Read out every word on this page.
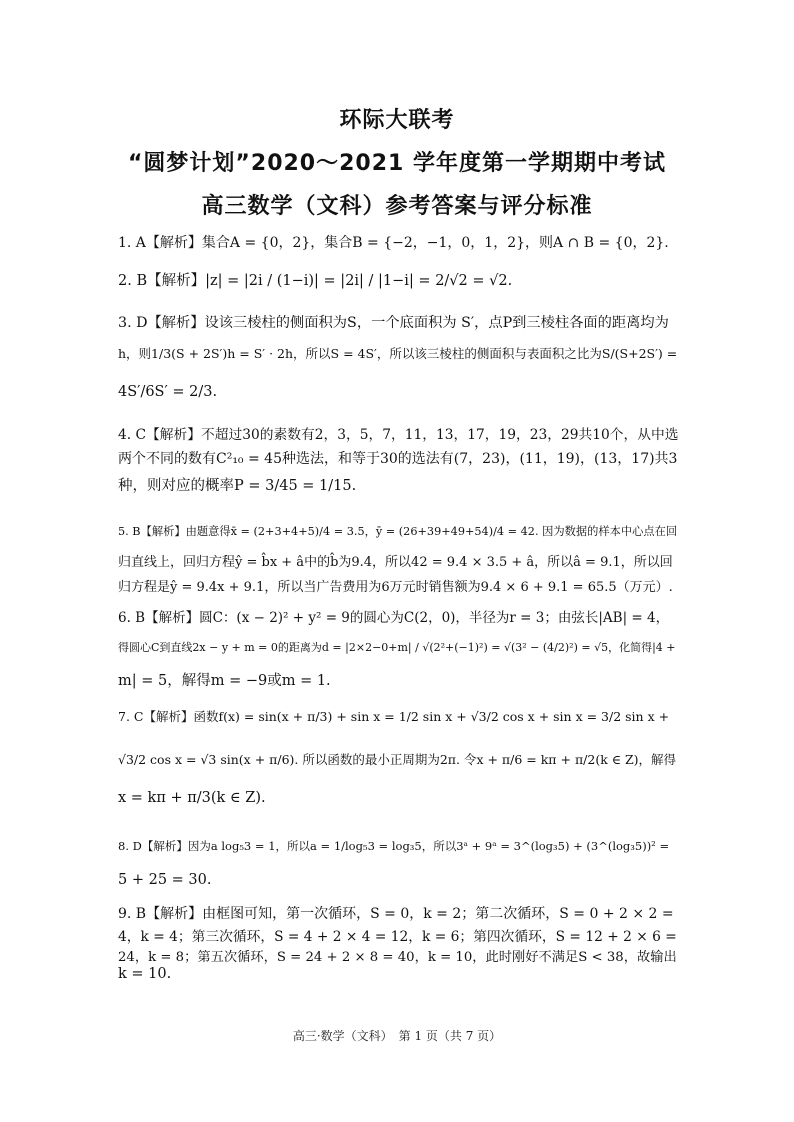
环际大联考
“圆梦计划”2020～2021 学年度第一学期期中考试
高三数学（文科）参考答案与评分标准
1. A【解析】集合A = {0，2}，集合B = {−2，−1，0，1，2}，则A ∩ B = {0，2}.
2. B【解析】|z| = |2i / (1−i)| = |2i| / |1−i| = 2/√2 = √2.
3. D【解析】设该三棱柱的侧面积为S，一个底面积为 S′，点P到三棱柱各面的距离均为
h，则1/3(S + 2S′)h = S′ · 2h，所以S = 4S′，所以该三棱柱的侧面积与表面积之比为S/(S+2S′) =
4S′/6S′ = 2/3.
4. C【解析】不超过30的素数有2，3，5，7，11，13，17，19，23，29共10个，从中选
两个不同的数有C²₁₀ = 45种选法，和等于30的选法有(7，23)，(11，19)，(13，17)共3
种，则对应的概率P = 3/45 = 1/15.
5. B【解析】由题意得x̄ = (2+3+4+5)/4 = 3.5，ȳ = (26+39+49+54)/4 = 42. 因为数据的样本中心点在回
归直线上，回归方程ŷ = b̂x + â中的b̂为9.4，所以42 = 9.4 × 3.5 + â，所以â = 9.1，所以回
归方程是ŷ = 9.4x + 9.1，所以当广告费用为6万元时销售额为9.4 × 6 + 9.1 = 65.5（万元）.
6. B【解析】圆C：(x − 2)² + y² = 9的圆心为C(2，0)，半径为r = 3；由弦长|AB| = 4，
得圆心C到直线2x − y + m = 0的距离为d = |2×2−0+m| / √(2²+(−1)²) = √(3² − (4/2)²) = √5，化简得|4 +
m| = 5，解得m = −9或m = 1.
7. C【解析】函数f(x) = sin(x + π/3) + sin x = 1/2 sin x + √3/2 cos x + sin x = 3/2 sin x +
√3/2 cos x = √3 sin(x + π/6). 所以函数的最小正周期为2π. 令x + π/6 = kπ + π/2(k ∈ Z)，解得
x = kπ + π/3(k ∈ Z).
8. D【解析】因为a log₅3 = 1，所以a = 1/log₅3 = log₃5，所以3ᵃ + 9ᵃ = 3^(log₃5) + (3^(log₃5))² =
5 + 25 = 30.
9. B【解析】由框图可知，第一次循环，S = 0，k = 2；第二次循环，S = 0 + 2 × 2 =
4，k = 4；第三次循环，S = 4 + 2 × 4 = 12，k = 6；第四次循环，S = 12 + 2 × 6 =
24，k = 8；第五次循环，S = 24 + 2 × 8 = 40，k = 10，此时刚好不满足S < 38，故输出
k = 10.
高三·数学（文科）　第 1 页（共 7 页）
